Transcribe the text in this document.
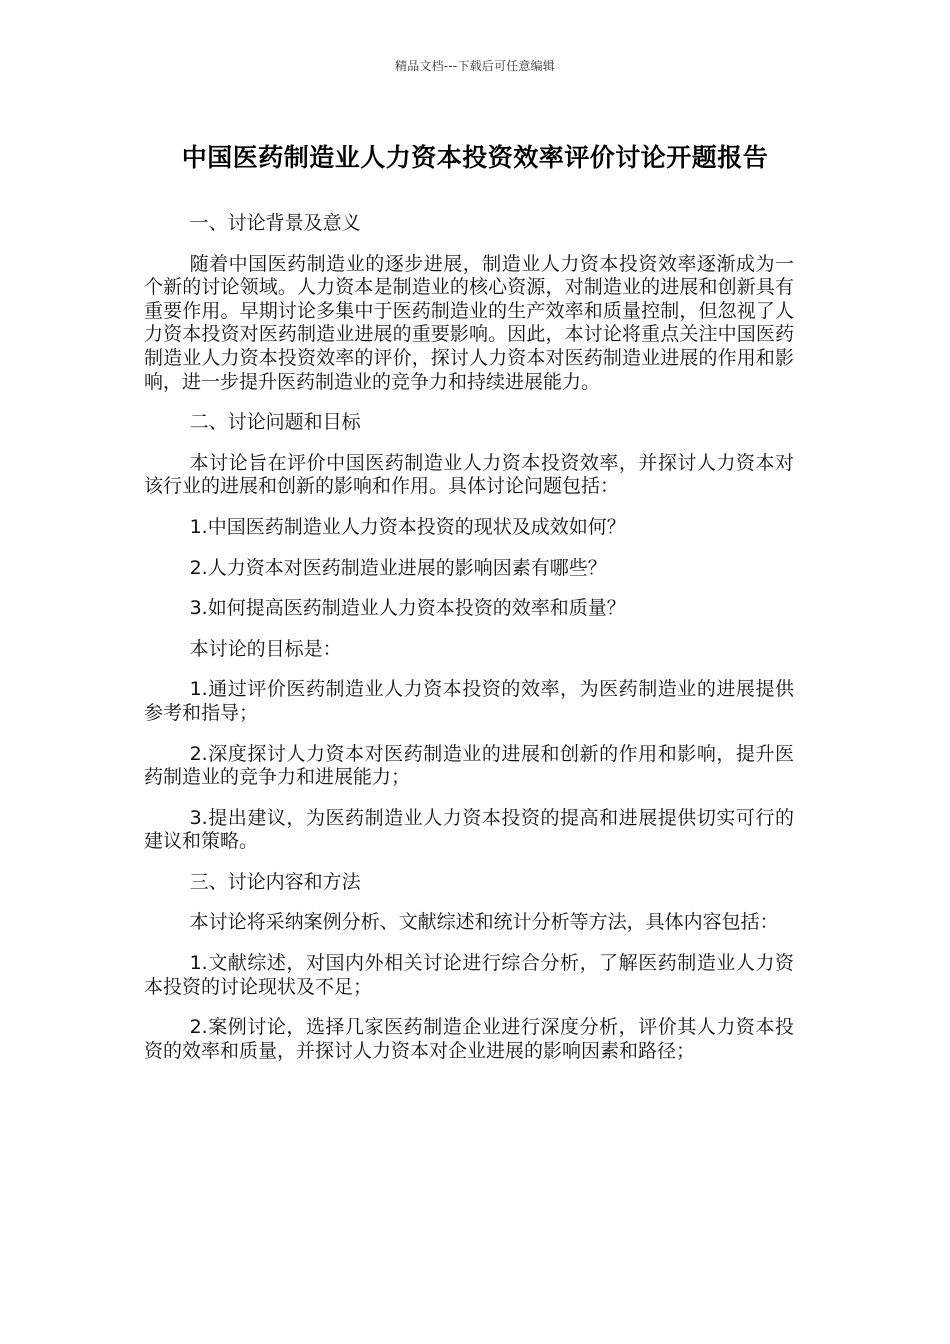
精品文档---下载后可任意编辑
中国医药制造业人力资本投资效率评价讨论开题报告

一、讨论背景及意义

随着中国医药制造业的逐步进展，制造业人力资本投资效率逐渐成为一个新的讨论领域。人力资本是制造业的核心资源，对制造业的进展和创新具有重要作用。早期讨论多集中于医药制造业的生产效率和质量控制，但忽视了人力资本投资对医药制造业进展的重要影响。因此，本讨论将重点关注中国医药制造业人力资本投资效率的评价，探讨人力资本对医药制造业进展的作用和影响，进一步提升医药制造业的竞争力和持续进展能力。

二、讨论问题和目标

本讨论旨在评价中国医药制造业人力资本投资效率，并探讨人力资本对该行业的进展和创新的影响和作用。具体讨论问题包括：

1.中国医药制造业人力资本投资的现状及成效如何？

2.人力资本对医药制造业进展的影响因素有哪些？

3.如何提高医药制造业人力资本投资的效率和质量？

本讨论的目标是：

1.通过评价医药制造业人力资本投资的效率，为医药制造业的进展提供参考和指导；

2.深度探讨人力资本对医药制造业的进展和创新的作用和影响，提升医药制造业的竞争力和进展能力；

3.提出建议，为医药制造业人力资本投资的提高和进展提供切实可行的建议和策略。

三、讨论内容和方法

本讨论将采纳案例分析、文献综述和统计分析等方法，具体内容包括：

1.文献综述，对国内外相关讨论进行综合分析，了解医药制造业人力资本投资的讨论现状及不足；

2.案例讨论，选择几家医药制造企业进行深度分析，评价其人力资本投资的效率和质量，并探讨人力资本对企业进展的影响因素和路径；
